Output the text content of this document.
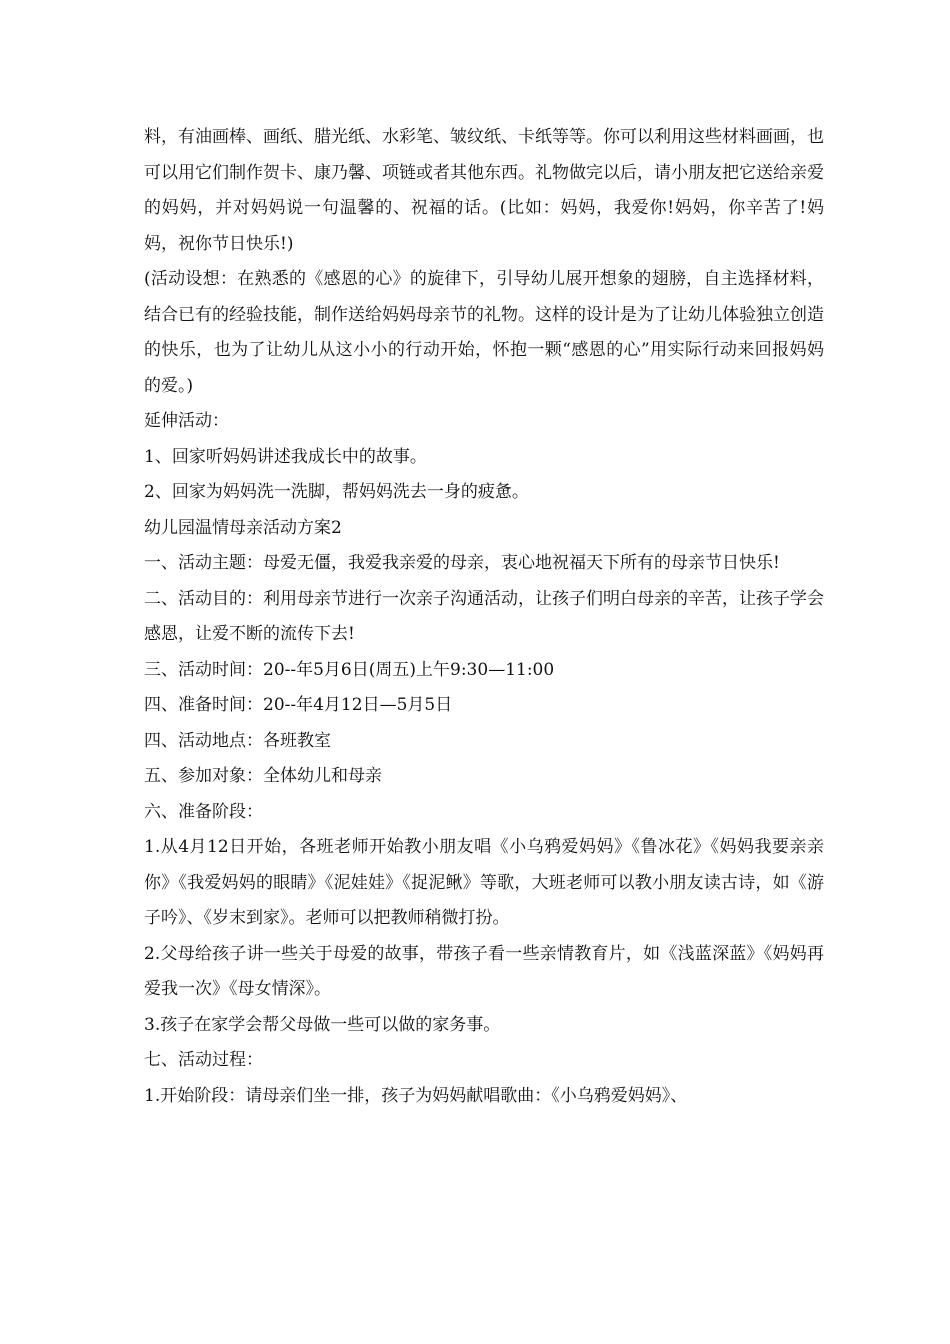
料，有油画棒、画纸、腊光纸、水彩笔、皱纹纸、卡纸等等。你可以利用这些材料画画，也可以用它们制作贺卡、康乃馨、项链或者其他东西。礼物做完以后，请小朋友把它送给亲爱的妈妈，并对妈妈说一句温馨的、祝福的话。(比如：妈妈，我爱你!妈妈，你辛苦了!妈妈，祝你节日快乐!)

(活动设想：在熟悉的《感恩的心》的旋律下，引导幼儿展开想象的翅膀，自主选择材料，结合已有的经验技能，制作送给妈妈母亲节的礼物。这样的设计是为了让幼儿体验独立创造的快乐，也为了让幼儿从这小小的行动开始，怀抱一颗“感恩的心”用实际行动来回报妈妈的爱。)

延伸活动：

1、回家听妈妈讲述我成长中的故事。

2、回家为妈妈洗一洗脚，帮妈妈洗去一身的疲惫。

幼儿园温情母亲活动方案2

一、活动主题：母爱无僵，我爱我亲爱的母亲，衷心地祝福天下所有的母亲节日快乐!

二、活动目的：利用母亲节进行一次亲子沟通活动，让孩子们明白母亲的辛苦，让孩子学会感恩，让爱不断的流传下去!

三、活动时间：20--年5月6日(周五)上午9:30—11:00

四、准备时间：20--年4月12日—5月5日

四、活动地点：各班教室

五、参加对象：全体幼儿和母亲

六、准备阶段：

1.从4月12日开始，各班老师开始教小朋友唱《小乌鸦爱妈妈》《鲁冰花》《妈妈我要亲亲你》《我爱妈妈的眼睛》《泥娃娃》《捉泥鳅》等歌，大班老师可以教小朋友读古诗，如《游子吟》、《岁末到家》。老师可以把教师稍微打扮。

2.父母给孩子讲一些关于母爱的故事，带孩子看一些亲情教育片，如《浅蓝深蓝》《妈妈再爱我一次》《母女情深》。

3.孩子在家学会帮父母做一些可以做的家务事。

七、活动过程：

1.开始阶段：请母亲们坐一排，孩子为妈妈献唱歌曲：《小乌鸦爱妈妈》、
